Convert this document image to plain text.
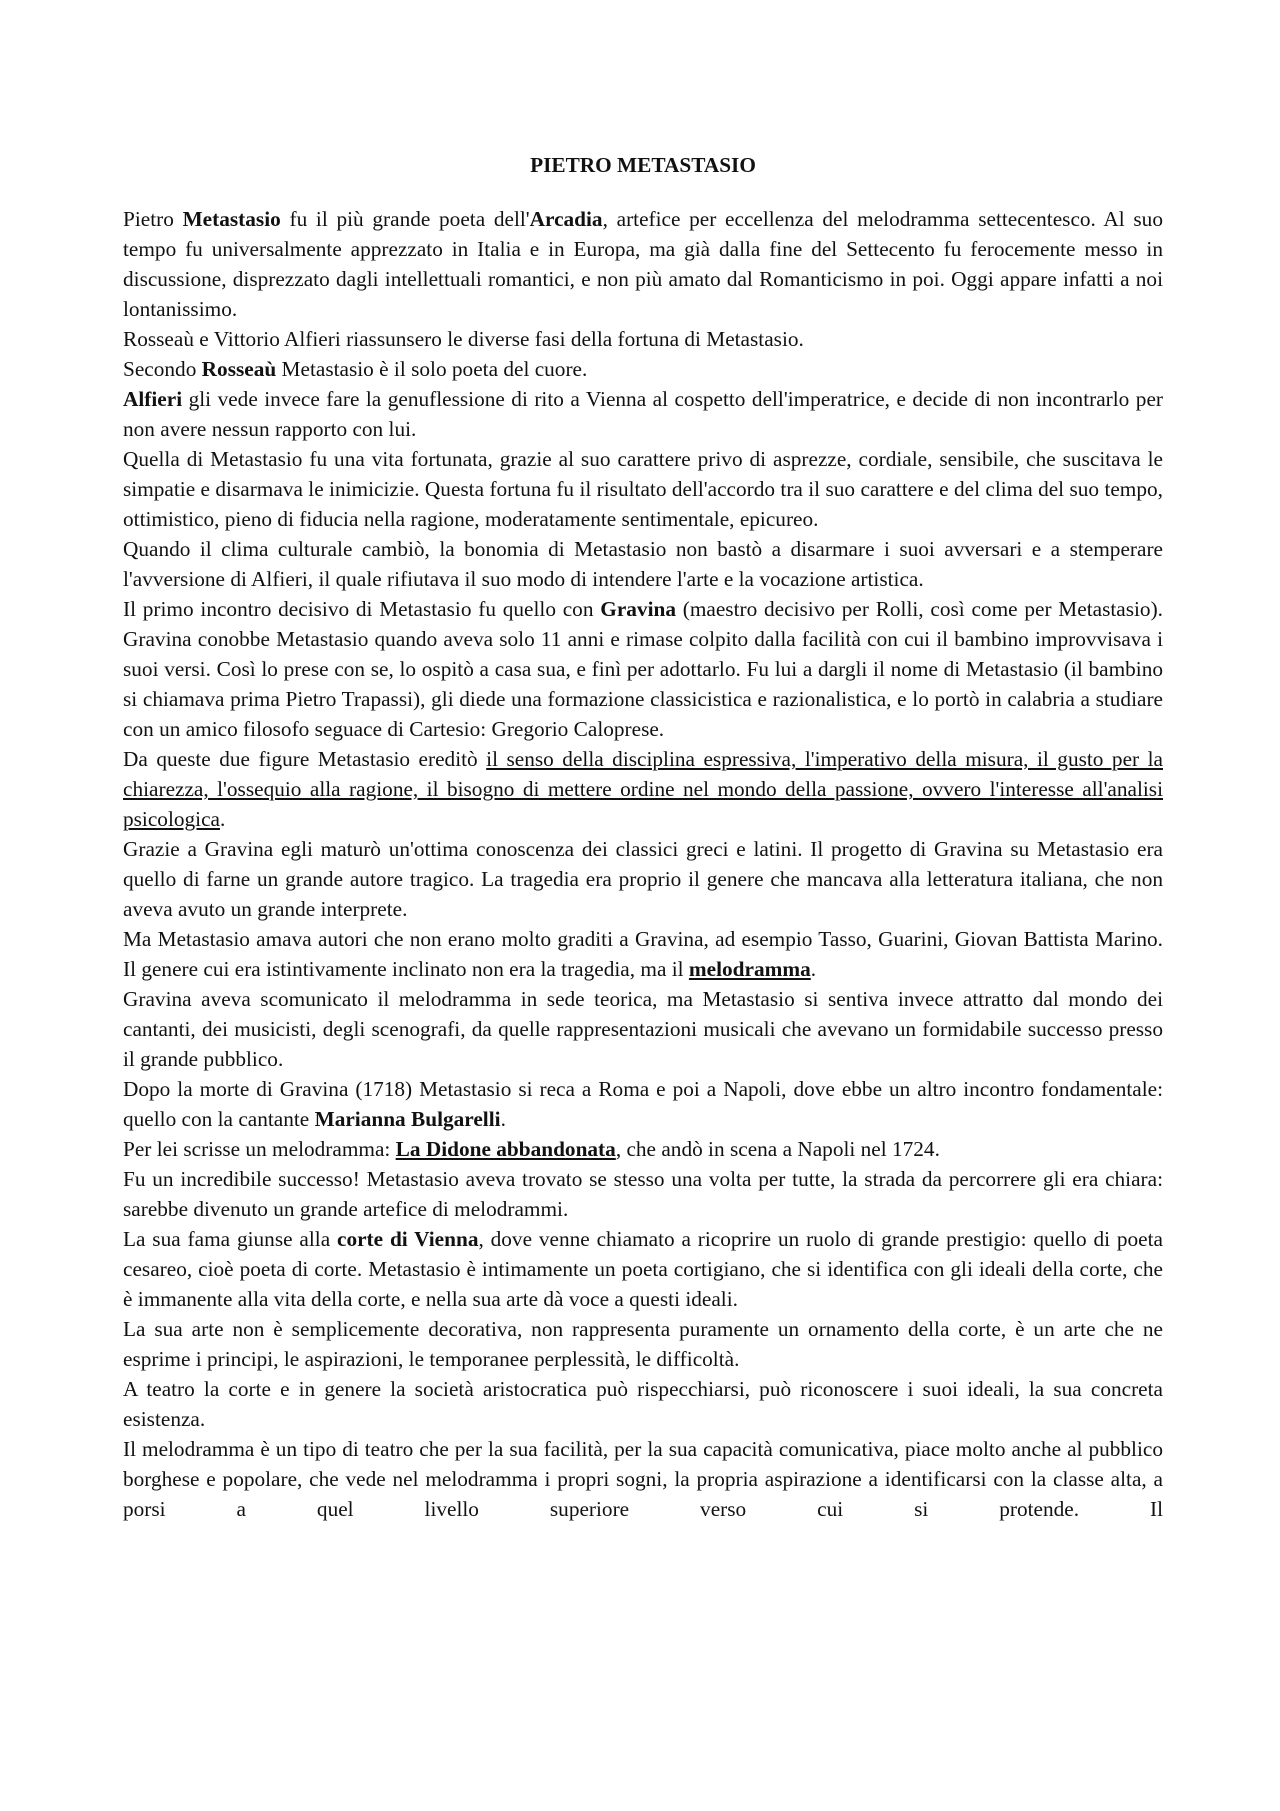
PIETRO METASTASIO

Pietro Metastasio fu il più grande poeta dell'Arcadia, artefice per eccellenza del melodramma settecentesco. Al suo tempo fu universalmente apprezzato in Italia e in Europa, ma già dalla fine del Settecento fu ferocemente messo in discussione, disprezzato dagli intellettuali romantici, e non più amato dal Romanticismo in poi. Oggi appare infatti a noi lontanissimo.

Rosseaù e Vittorio Alfieri riassunsero le diverse fasi della fortuna di Metastasio.

Secondo Rosseaù Metastasio è il solo poeta del cuore.

Alfieri gli vede invece fare la genuflessione di rito a Vienna al cospetto dell'imperatrice, e decide di non incontrarlo per non avere nessun rapporto con lui.

Quella di Metastasio fu una vita fortunata, grazie al suo carattere privo di asprezze, cordiale, sensibile, che suscitava le simpatie e disarmava le inimicizie. Questa fortuna fu il risultato dell'accordo tra il suo carattere e del clima del suo tempo, ottimistico, pieno di fiducia nella ragione, moderatamente sentimentale, epicureo.

Quando il clima culturale cambiò, la bonomia di Metastasio non bastò a disarmare i suoi avversari e a stemperare l'avversione di Alfieri, il quale rifiutava il suo modo di intendere l'arte e la vocazione artistica.

Il primo incontro decisivo di Metastasio fu quello con Gravina (maestro decisivo per Rolli, così come per Metastasio). Gravina conobbe Metastasio quando aveva solo 11 anni e rimase colpito dalla facilità con cui il bambino improvvisava i suoi versi. Così lo prese con se, lo ospitò a casa sua, e finì per adottarlo. Fu lui a dargli il nome di Metastasio (il bambino si chiamava prima Pietro Trapassi), gli diede una formazione classicistica e razionalistica, e lo portò in calabria a studiare con un amico filosofo seguace di Cartesio: Gregorio Caloprese.

Da queste due figure Metastasio ereditò il senso della disciplina espressiva, l'imperativo della misura, il gusto per la chiarezza, l'ossequio alla ragione, il bisogno di mettere ordine nel mondo della passione, ovvero l'interesse all'analisi psicologica.

Grazie a Gravina egli maturò un'ottima conoscenza dei classici greci e latini. Il progetto di Gravina su Metastasio era quello di farne un grande autore tragico. La tragedia era proprio il genere che mancava alla letteratura italiana, che non aveva avuto un grande interprete.

Ma Metastasio amava autori che non erano molto graditi a Gravina, ad esempio Tasso, Guarini, Giovan Battista Marino. Il genere cui era istintivamente inclinato non era la tragedia, ma il melodramma.

Gravina aveva scomunicato il melodramma in sede teorica, ma Metastasio si sentiva invece attratto dal mondo dei cantanti, dei musicisti, degli scenografi, da quelle rappresentazioni musicali che avevano un formidabile successo presso il grande pubblico.

Dopo la morte di Gravina (1718) Metastasio si reca a Roma e poi a Napoli, dove ebbe un altro incontro fondamentale: quello con la cantante Marianna Bulgarelli.

Per lei scrisse un melodramma: La Didone abbandonata, che andò in scena a Napoli nel 1724.

Fu un incredibile successo! Metastasio aveva trovato se stesso una volta per tutte, la strada da percorrere gli era chiara: sarebbe divenuto un grande artefice di melodrammi.

La sua fama giunse alla corte di Vienna, dove venne chiamato a ricoprire un ruolo di grande prestigio: quello di poeta cesareo, cioè poeta di corte. Metastasio è intimamente un poeta cortigiano, che si identifica con gli ideali della corte, che è immanente alla vita della corte, e nella sua arte dà voce a questi ideali.

La sua arte non è semplicemente decorativa, non rappresenta puramente un ornamento della corte, è un arte che ne esprime i principi, le aspirazioni, le temporanee perplessità, le difficoltà.

A teatro la corte e in genere la società aristocratica può rispecchiarsi, può riconoscere i suoi ideali, la sua concreta esistenza.

Il melodramma è un tipo di teatro che per la sua facilità, per la sua capacità comunicativa, piace molto anche al pubblico borghese e popolare, che vede nel melodramma i propri sogni, la propria aspirazione a identificarsi con la classe alta, a porsi a quel livello superiore verso cui si protende. Il
